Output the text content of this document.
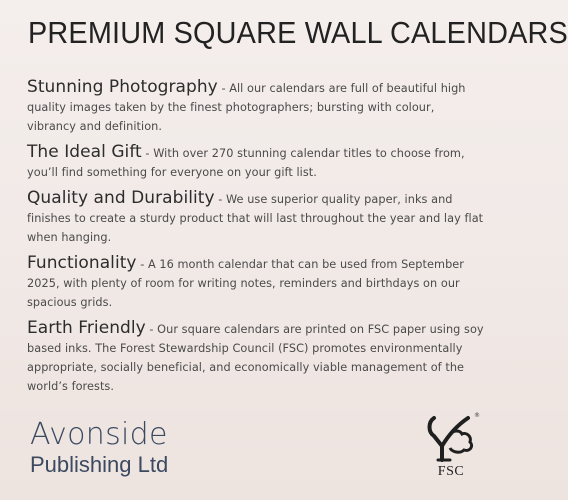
PREMIUM SQUARE WALL CALENDARS

Stunning Photography - All our calendars are full of beautiful high quality images taken by the finest photographers; bursting with colour, vibrancy and definition.

The Ideal Gift - With over 270 stunning calendar titles to choose from, you’ll find something for everyone on your gift list.

Quality and Durability - We use superior quality paper, inks and finishes to create a sturdy product that will last throughout the year and lay flat when hanging.

Functionality - A 16 month calendar that can be used from September 2025, with plenty of room for writing notes, reminders and birthdays on our spacious grids.

Earth Friendly - Our square calendars are printed on FSC paper using soy based inks. The Forest Stewardship Council (FSC) promotes environmentally appropriate, socially beneficial, and economically viable management of the world’s forests.

Avonside
Publishing Ltd
®
FSC
